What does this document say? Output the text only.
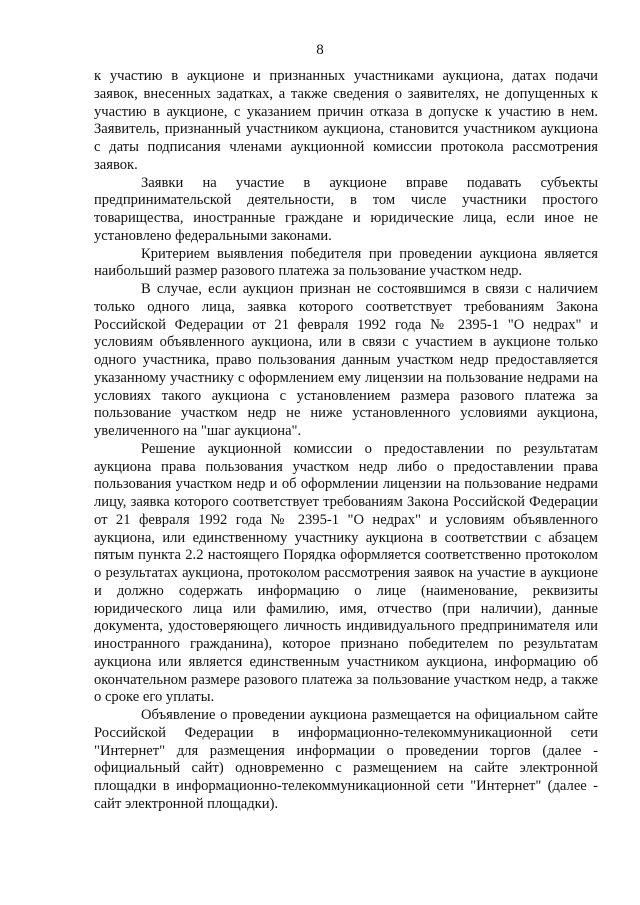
8

к участию в аукционе и признанных участниками аукциона, датах подачи заявок, внесенных задатках, а также сведения о заявителях, не допущенных к участию в аукционе, с указанием причин отказа в допуске к участию в нем. Заявитель, признанный участником аукциона, становится участником аукциона с даты подписания членами аукционной комиссии протокола рассмотрения заявок.

Заявки на участие в аукционе вправе подавать субъекты предпринимательской деятельности, в том числе участники простого товарищества, иностранные граждане и юридические лица, если иное не установлено федеральными законами.

Критерием выявления победителя при проведении аукциона является наибольший размер разового платежа за пользование участком недр.

В случае, если аукцион признан не состоявшимся в связи с наличием только одного лица, заявка которого соответствует требованиям Закона Российской Федерации от 21 февраля 1992 года № 2395-1 "О недрах" и условиям объявленного аукциона, или в связи с участием в аукционе только одного участника, право пользования данным участком недр предоставляется указанному участнику с оформлением ему лицензии на пользование недрами на условиях такого аукциона с установлением размера разового платежа за пользование участком недр не ниже установленного условиями аукциона, увеличенного на "шаг аукциона".

Решение аукционной комиссии о предоставлении по результатам аукциона права пользования участком недр либо о предоставлении права пользования участком недр и об оформлении лицензии на пользование недрами лицу, заявка которого соответствует требованиям Закона Российской Федерации от 21 февраля 1992 года № 2395-1 "О недрах" и условиям объявленного аукциона, или единственному участнику аукциона в соответствии с абзацем пятым пункта 2.2 настоящего Порядка оформляется соответственно протоколом о результатах аукциона, протоколом рассмотрения заявок на участие в аукционе и должно содержать информацию о лице (наименование, реквизиты юридического лица или фамилию, имя, отчество (при наличии), данные документа, удостоверяющего личность индивидуального предпринимателя или иностранного гражданина), которое признано победителем по результатам аукциона или является единственным участником аукциона, информацию об окончательном размере разового платежа за пользование участком недр, а также о сроке его уплаты.

Объявление о проведении аукциона размещается на официальном сайте Российской Федерации в информационно-телекоммуникационной сети "Интернет" для размещения информации о проведении торгов (далее - официальный сайт) одновременно с размещением на сайте электронной площадки в информационно-телекоммуникационной сети "Интернет" (далее - сайт электронной площадки).
